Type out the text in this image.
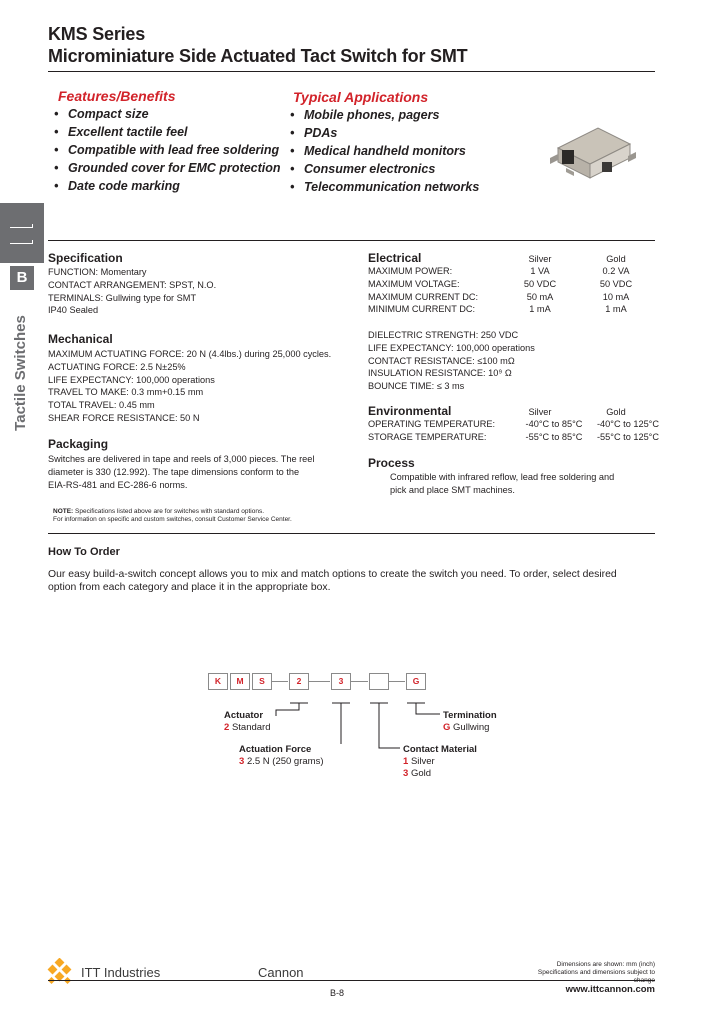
KMS Series
Microminiature Side Actuated Tact Switch for SMT
Features/Benefits
• Compact size
• Excellent tactile feel
• Compatible with lead free soldering
• Grounded cover for EMC protection
• Date code marking
Typical Applications
• Mobile phones, pagers
• PDAs
• Medical handheld monitors
• Consumer electronics
• Telecommunication networks
B
Tactile Switches
Specification
FUNCTION: Momentary
CONTACT ARRANGEMENT: SPST, N.O.
TERMINALS: Gullwing type for SMT
IP40 Sealed
Mechanical
MAXIMUM ACTUATING FORCE: 20 N (4.4lbs.) during 25,000 cycles.
ACTUATING FORCE: 2.5 N±25%
LIFE EXPECTANCY: 100,000 operations
TRAVEL TO MAKE: 0.3 mm+0.15 mm
TOTAL TRAVEL: 0.45 mm
SHEAR FORCE RESISTANCE: 50 N
Packaging
Switches are delivered in tape and reels of 3,000 pieces. The reel
diameter is 330 (12.992). The tape dimensions conform to the
EIA-RS-481 and EC-286-6 norms.
NOTE: Specifications listed above are for switches with standard options.
For information on specific and custom switches, consult Customer Service Center.
Electrical	Silver	Gold
MAXIMUM POWER:	1 VA	0.2 VA
MAXIMUM VOLTAGE:	50 VDC	50 VDC
MAXIMUM CURRENT DC:	50 mA	10 mA
MINIMUM CURRENT DC:	1 mA	1 mA
DIELECTRIC STRENGTH: 250 VDC
LIFE EXPECTANCY: 100,000 operations
CONTACT RESISTANCE: ≤100 mΩ
INSULATION RESISTANCE: 10⁹ Ω
BOUNCE TIME: ≤ 3 ms
Environmental	Silver	Gold
OPERATING TEMPERATURE:	-40°C to 85°C	-40°C to 125°C
STORAGE TEMPERATURE:	-55°C to 85°C	-55°C to 125°C
Process
Compatible with infrared reflow, lead free soldering and
pick and place SMT machines.
How To Order
Our easy build-a-switch concept allows you to mix and match options to create the switch you need. To order, select desired
option from each category and place it in the appropriate box.
K	M	S	2	3	G
Actuator
2 Standard
Actuation Force
3 2.5 N (250 grams)
Termination
G Gullwing
Contact Material
1 Silver
3 Gold
ITT Industries	Cannon
B-8
Dimensions are shown: mm (inch)
Specifications and dimensions subject to change
www.ittcannon.com
